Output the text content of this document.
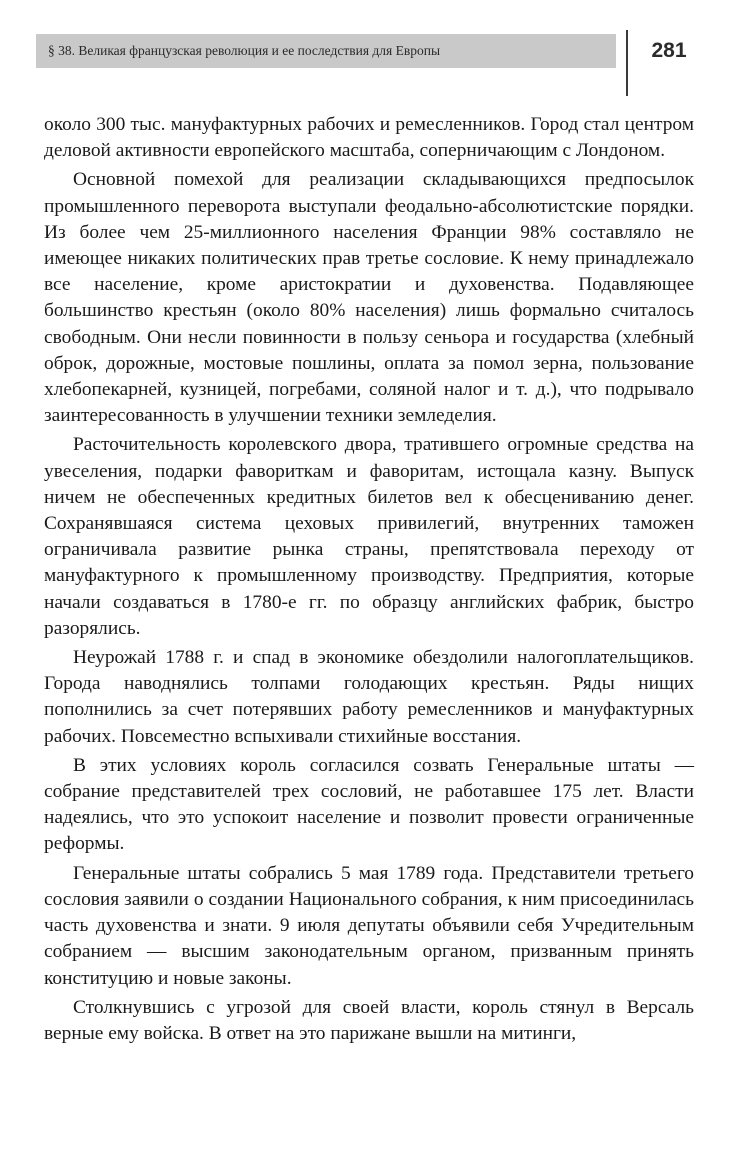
§ 38. Великая французская революция и ее последствия для Европы	281

около 300 тыс. мануфактурных рабочих и ремесленников. Город стал центром деловой активности европейского масштаба, соперничающим с Лондоном.

Основной помехой для реализации складывающихся предпосылок промышленного переворота выступали феодально-абсолютистские порядки. Из более чем 25-миллионного населения Франции 98% составляло не имеющее никаких политических прав третье сословие. К нему принадлежало все население, кроме аристократии и духовенства. Подавляющее большинство крестьян (около 80% населения) лишь формально считалось свободным. Они несли повинности в пользу сеньора и государства (хлебный оброк, дорожные, мостовые пошлины, оплата за помол зерна, пользование хлебопекарней, кузницей, погребами, соляной налог и т. д.), что подрывало заинтересованность в улучшении техники земледелия.

Расточительность королевского двора, тратившего огромные средства на увеселения, подарки фавориткам и фаворитам, истощала казну. Выпуск ничем не обеспеченных кредитных билетов вел к обесцениванию денег. Сохранявшаяся система цеховых привилегий, внутренних таможен ограничивала развитие рынка страны, препятствовала переходу от мануфактурного к промышленному производству. Предприятия, которые начали создаваться в 1780-е гг. по образцу английских фабрик, быстро разорялись.

Неурожай 1788 г. и спад в экономике обездолили налогоплательщиков. Города наводнялись толпами голодающих крестьян. Ряды нищих пополнились за счет потерявших работу ремесленников и мануфактурных рабочих. Повсеместно вспыхивали стихийные восстания.

В этих условиях король согласился созвать Генеральные штаты — собрание представителей трех сословий, не работавшее 175 лет. Власти надеялись, что это успокоит население и позволит провести ограниченные реформы.

Генеральные штаты собрались 5 мая 1789 года. Представители третьего сословия заявили о создании Национального собрания, к ним присоединилась часть духовенства и знати. 9 июля депутаты объявили себя Учредительным собранием — высшим законодательным органом, призванным принять конституцию и новые законы.

Столкнувшись с угрозой для своей власти, король стянул в Версаль верные ему войска. В ответ на это парижане вышли на митинги,
